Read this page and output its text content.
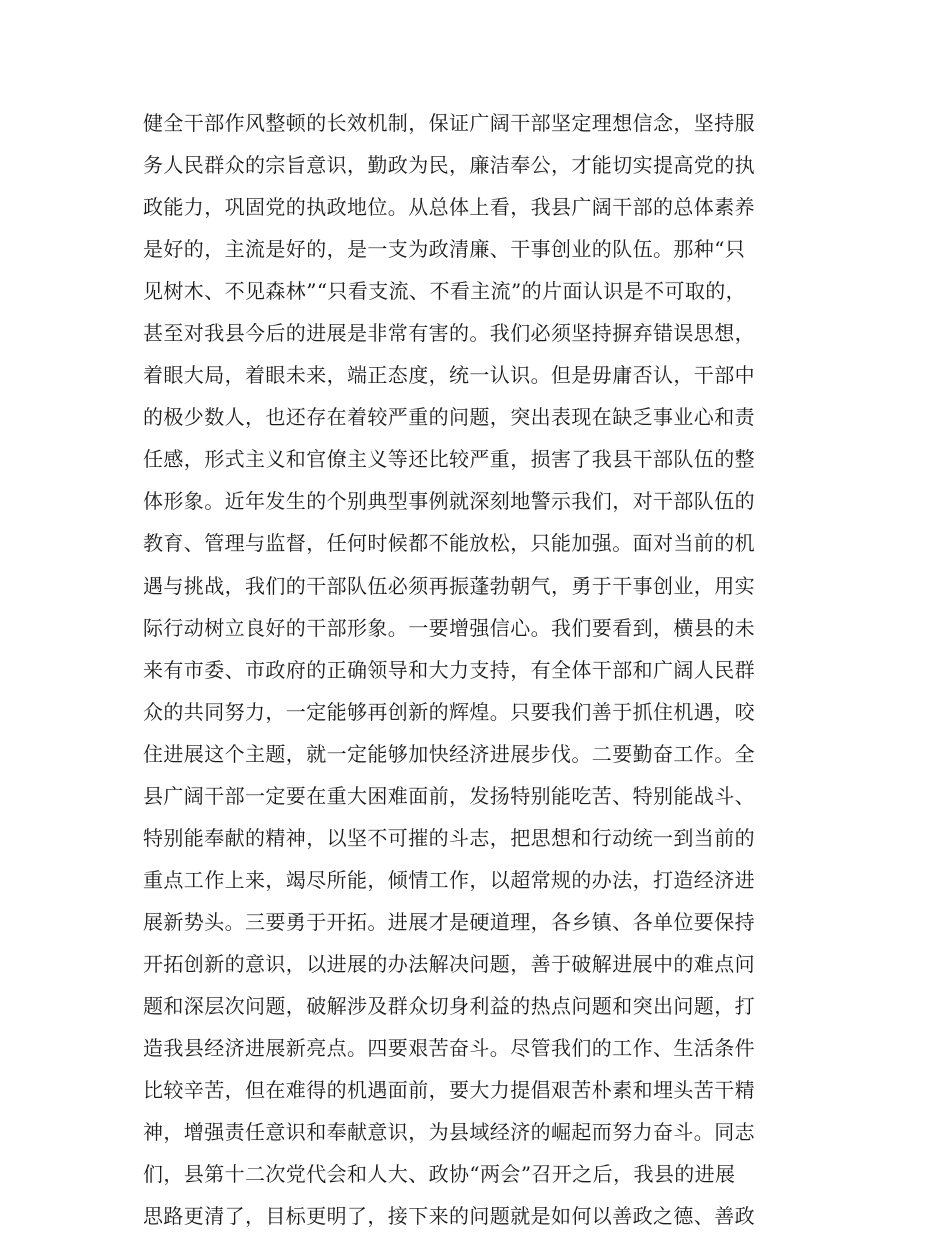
健全干部作风整顿的长效机制，保证广阔干部坚定理想信念，坚持服
务人民群众的宗旨意识，勤政为民，廉洁奉公，才能切实提高党的执
政能力，巩固党的执政地位。从总体上看，我县广阔干部的总体素养
是好的，主流是好的，是一支为政清廉、干事创业的队伍。那种“只
见树木、不见森林”“只看支流、不看主流”的片面认识是不可取的，
甚至对我县今后的进展是非常有害的。我们必须坚持摒弃错误思想，
着眼大局，着眼未来，端正态度，统一认识。但是毋庸否认，干部中
的极少数人，也还存在着较严重的问题，突出表现在缺乏事业心和责
任感，形式主义和官僚主义等还比较严重，损害了我县干部队伍的整
体形象。近年发生的个别典型事例就深刻地警示我们，对干部队伍的
教育、管理与监督，任何时候都不能放松，只能加强。面对当前的机
遇与挑战，我们的干部队伍必须再振蓬勃朝气，勇于干事创业，用实
际行动树立良好的干部形象。一要增强信心。我们要看到，横县的未
来有市委、市政府的正确领导和大力支持，有全体干部和广阔人民群
众的共同努力，一定能够再创新的辉煌。只要我们善于抓住机遇，咬
住进展这个主题，就一定能够加快经济进展步伐。二要勤奋工作。全
县广阔干部一定要在重大困难面前，发扬特别能吃苦、特别能战斗、
特别能奉献的精神，以坚不可摧的斗志，把思想和行动统一到当前的
重点工作上来，竭尽所能，倾情工作，以超常规的办法，打造经济进
展新势头。三要勇于开拓。进展才是硬道理，各乡镇、各单位要保持
开拓创新的意识，以进展的办法解决问题，善于破解进展中的难点问
题和深层次问题，破解涉及群众切身利益的热点问题和突出问题，打
造我县经济进展新亮点。四要艰苦奋斗。尽管我们的工作、生活条件
比较辛苦，但在难得的机遇面前，要大力提倡艰苦朴素和埋头苦干精
神，增强责任意识和奉献意识，为县域经济的崛起而努力奋斗。同志
们，县第十二次党代会和人大、政协“两会”召开之后，我县的进展
思路更清了，目标更明了，接下来的问题就是如何以善政之德、善政
